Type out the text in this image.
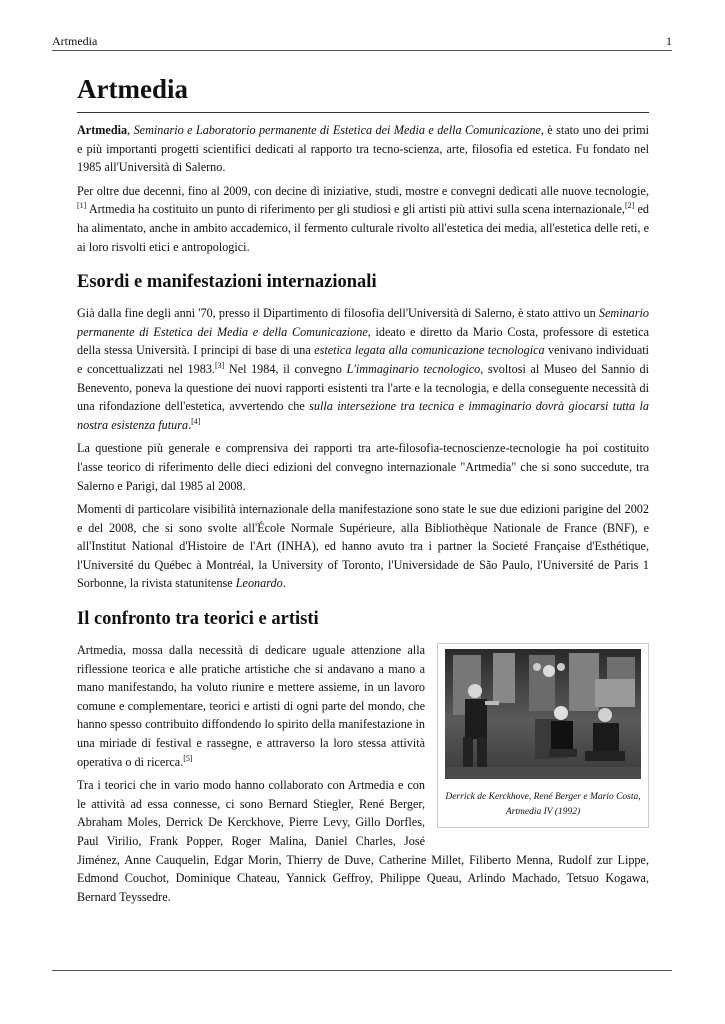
Artmedia	1
Artmedia

Artmedia, Seminario e Laboratorio permanente di Estetica dei Media e della Comunicazione, è stato uno dei primi e più importanti progetti scientifici dedicati al rapporto tra tecno-scienza, arte, filosofia ed estetica. Fu fondato nel 1985 all'Università di Salerno.

Per oltre due decenni, fino al 2009, con decine di iniziative, studi, mostre e convegni dedicati alle nuove tecnologie,[1] Artmedia ha costituito un punto di riferimento per gli studiosi e gli artisti più attivi sulla scena internazionale,[2] ed ha alimentato, anche in ambito accademico, il fermento culturale rivolto all'estetica dei media, all'estetica delle reti, e ai loro risvolti etici e antropologici.

Esordi e manifestazioni internazionali

Già dalla fine degli anni '70, presso il Dipartimento di filosofia dell'Università di Salerno, è stato attivo un Seminario permanente di Estetica dei Media e della Comunicazione, ideato e diretto da Mario Costa, professore di estetica della stessa Università. I principi di base di una estetica legata alla comunicazione tecnologica venivano individuati e concettualizzati nel 1983.[3] Nel 1984, il convegno L'immaginario tecnologico, svoltosi al Museo del Sannio di Benevento, poneva la questione dei nuovi rapporti esistenti tra l'arte e la tecnologia, e della conseguente necessità di una rifondazione dell'estetica, avvertendo che sulla intersezione tra tecnica e immaginario dovrà giocarsi tutta la nostra esistenza futura.[4]

La questione più generale e comprensiva dei rapporti tra arte-filosofia-tecnoscienze-tecnologie ha poi costituito l'asse teorico di riferimento delle dieci edizioni del convegno internazionale "Artmedia" che si sono succedute, tra Salerno e Parigi, dal 1985 al 2008.

Momenti di particolare visibilità internazionale della manifestazione sono state le sue due edizioni parigine del 2002 e del 2008, che si sono svolte all'École Normale Supérieure, alla Bibliothèque Nationale de France (BNF), e all'Institut National d'Histoire de l'Art (INHA), ed hanno avuto tra i partner la Societé Française d'Esthétique, l'Université du Québec à Montréal, la University of Toronto, l'Universidade de São Paulo, l'Université de Paris 1 Sorbonne, la rivista statunitense Leonardo.

Il confronto tra teorici e artisti
Derrick de Kerckhove, René Berger e Mario Costa, Artmedia IV (1992)

Artmedia, mossa dalla necessità di dedicare uguale attenzione alla riflessione teorica e alle pratiche artistiche che si andavano a mano a mano manifestando, ha voluto riunire e mettere assieme, in un lavoro comune e complementare, teorici e artisti di ogni parte del mondo, che hanno spesso contribuito diffondendo lo spirito della manifestazione in una miriade di festival e rassegne, e attraverso la loro stessa attività operativa o di ricerca.[5]

Tra i teorici che in vario modo hanno collaborato con Artmedia e con le attività ad essa connesse, ci sono Bernard Stiegler, René Berger, Abraham Moles, Derrick De Kerckhove, Pierre Levy, Gillo Dorfles, Paul Virilio, Frank Popper, Roger Malina, Daniel Charles, José Jiménez, Anne Cauquelin, Edgar Morin, Thierry de Duve, Catherine Millet, Filiberto Menna, Rudolf zur Lippe, Edmond Couchot, Dominique Chateau, Yannick Geffroy, Philippe Queau, Arlindo Machado, Tetsuo Kogawa, Bernard Teyssedre.
